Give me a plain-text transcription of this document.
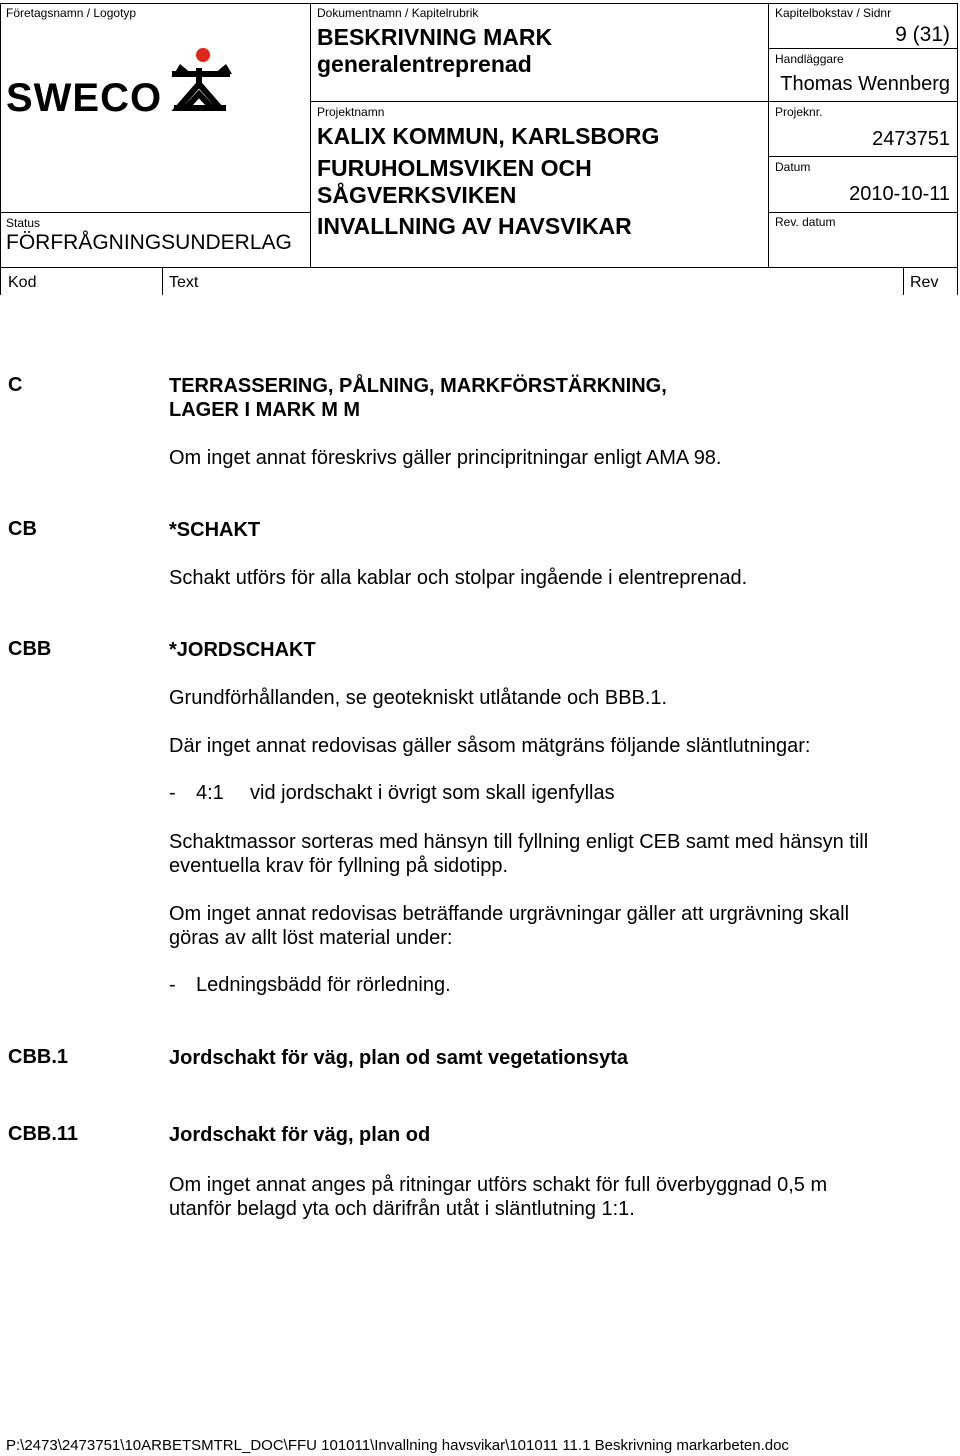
Företagsnamn / Logotyp
SWECO
Status
FÖRFRÅGNINGSUNDERLAG
Dokumentnamn / Kapitelrubrik
BESKRIVNING MARK
generalentreprenad
Projektnamn
KALIX KOMMUN, KARLSBORG
FURUHOLMSVIKEN OCH
SÅGVERKSVIKEN
INVALLNING AV HAVSVIKAR
Kapitelbokstav / Sidnr
9 (31)
Handläggare
Thomas Wennberg
Projeknr.
2473751
Datum
2010-10-11
Rev. datum
Kod	Text	Rev
C	TERRASSERING, PÅLNING, MARKFÖRSTÄRKNING,
LAGER I MARK M M
Om inget annat föreskrivs gäller principritningar enligt AMA 98.
CB	*SCHAKT
Schakt utförs för alla kablar och stolpar ingående i elentreprenad.
CBB	*JORDSCHAKT
Grundförhållanden, se geotekniskt utlåtande och BBB.1.
Där inget annat redovisas gäller såsom mätgräns följande släntlutningar:
- 4:1 vid jordschakt i övrigt som skall igenfyllas
Schaktmassor sorteras med hänsyn till fyllning enligt CEB samt med hänsyn till eventuella krav för fyllning på sidotipp.
Om inget annat redovisas beträffande urgrävningar gäller att urgrävning skall göras av allt löst material under:
- Ledningsbädd för rörledning.
CBB.1	Jordschakt för väg, plan od samt vegetationsyta
CBB.11	Jordschakt för väg, plan od
Om inget annat anges på ritningar utförs schakt för full överbyggnad 0,5 m utanför belagd yta och därifrån utåt i släntlutning 1:1.
P:\2473\2473751\10ARBETSMTRL_DOC\FFU 101011\Invallning havsvikar\101011 11.1 Beskrivning markarbeten.doc
